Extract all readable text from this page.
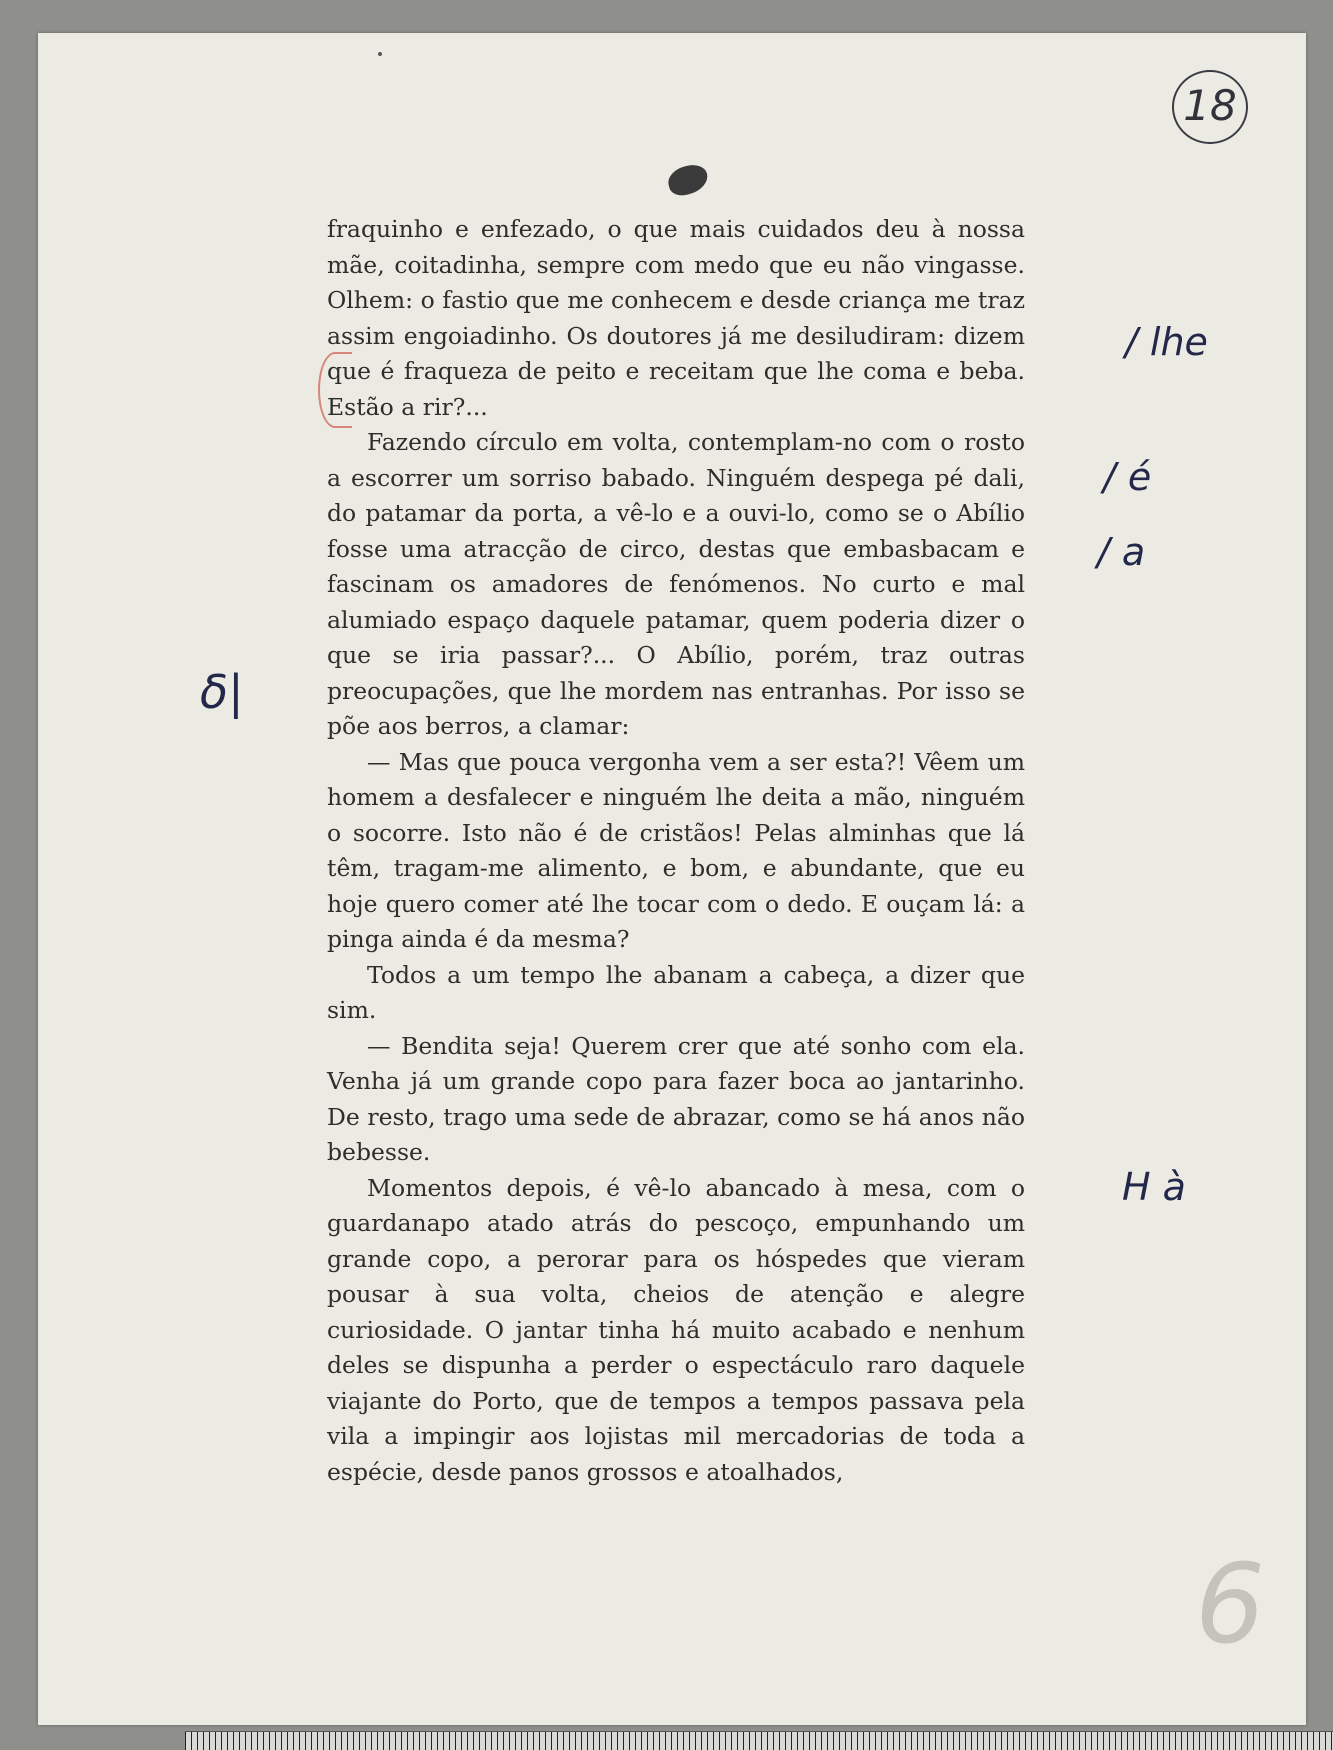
18

fraquinho e enfezado, o que mais cuidados deu à nossa mãe, coitadinha, sempre com medo que eu não vingasse. Olhem: o fastio que me conhecem e desde criança me traz assim engoiadinho. Os doutores já me desiludiram: dizem que é fraqueza de peito e receitam que lhe coma e beba. Estão a rir?...

Fazendo círculo em volta, contemplam-no com o rosto a escorrer um sorriso babado. Ninguém despega pé dali, do patamar da porta, a vê-lo e a ouvi-lo, como se o Abílio fosse uma atracção de circo, destas que embasbacam e fascinam os amadores de fenómenos. No curto e mal alumiado espaço daquele patamar, quem poderia dizer o que se iria passar?... O Abílio, porém, traz outras preocupações, que lhe mordem nas entranhas. Por isso se põe aos berros, a clamar:

— Mas que pouca vergonha vem a ser esta?! Vêem um homem a desfalecer e ninguém lhe deita a mão, ninguém o socorre. Isto não é de cristãos! Pelas alminhas que lá têm, tragam-me alimento, e bom, e abundante, que eu hoje quero comer até lhe tocar com o dedo. E ouçam lá: a pinga ainda é da mesma?

Todos a um tempo lhe abanam a cabeça, a dizer que sim.

— Bendita seja! Querem crer que até sonho com ela. Venha já um grande copo para fazer boca ao jantarinho. De resto, trago uma sede de abrazar, como se há anos não bebesse.

Momentos depois, é vê-lo abancado à mesa, com o guardanapo atado atrás do pescoço, empunhando um grande copo, a perorar para os hóspedes que vieram pousar à sua volta, cheios de atenção e alegre curiosidade. O jantar tinha há muito acabado e nenhum deles se dispunha a perder o espectáculo raro daquele viajante do Porto, que de tempos a tempos passava pela vila a impingir aos lojistas mil mercadorias de toda a espécie, desde panos grossos e atoalhados,

/ lhe
/ é
/ a
δ|
H à
6
